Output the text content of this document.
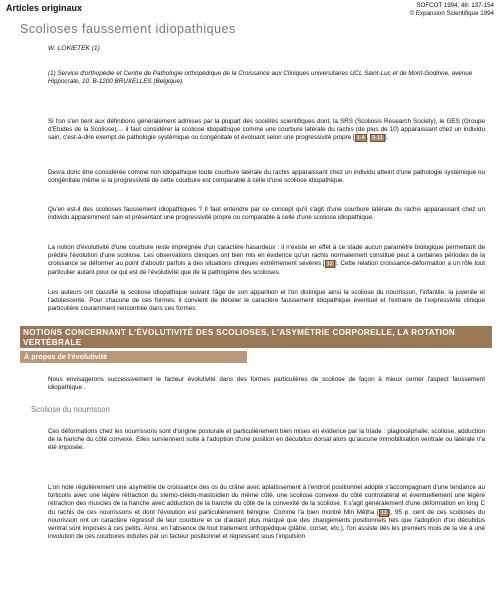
Articles originaux	SOFCOT 1994; 46: 137-154
© Expansion Scientifique 1994
Scolioses faussement idiopathiques
W. LOKIETEK (1)
(1) Service d'orthopédie et Centre de Pathologie orthopédique de la Croissance aux Cliniques universitaires UCL Saint-Luc et de Mont-Godinne, avenue Hippocrate, 10. B-1200 BRUXELLES (Belgique).
Si l'on s'en tient aux définitions généralement admises par la plupart des sociétés scientifiques dont, la SRS (Scoliosis Research Society), le GES (Groupe d'Etudes de la Scoliose),... il faut considérer la scoliose idiopathique comme une courbure latérale du rachis (de plus de 10) apparaissant chez un individu sain, c'est-à-dire exempt de pathologie systémique ou congénitale et évoluant selon une progressivité propre [ 1-4 , 5-11 ].
Devra donc être considérée comme non idiopathique toute courbure latérale du rachis apparaissant chez un individu atteint d'une pathologie systémique ou congénitale même si la progressivité de cette courbure est comparable à celle d'une scoliose idiopathique.
Qu'en est-il des scolioses faussement idiopathiques ? Il faut entendre par ce concept qu'il s'agit d'une courbure latérale du rachis apparaissant chez un individu apparemment sain et présentant une progressivité propre ou comparable à celle d'une scoliose idiopathique.
La notion d'évolutivité d'une courbure reste imprégnée d'un caractère hasardeux : il n'existe en effet à ce stade aucun paramètre biologique permettant de prédire l'évolution d'une scoliose. Les observations cliniques ont bien mis en évidence qu'un rachis normalement constitué peut à certaines périodes de la croissance se déformer au point d'aboutir parfois à des situations cliniques extrêmement sévères [ 12 ]. Cette relation croissance-déformation a un rôle tout particulier autant pour ce qui est de l'évolutivité que de la pathogénie des scolioses.
Les auteurs ont classifié la scoliose idiopathique suivant l'âge de son apparition et l'on distingue ainsi la scoliose du nourrisson, l'infantile, la juvénile et l'adolescente. Pour chacune de ces formes, il convient de déceler le caractère faussement idiopathique éventuel et l'extraire de l'expressivité clinique particulière couramment rencontrée dans ces formes.
NOTIONS CONCERNANT L'ÉVOLUTIVITÉ DES SCOLIOSES, L'ASYMÉTRIE CORPORELLE, LA ROTATION VERTÉBRALE
À propos de l'évolutivité
Nous envisagerons successivement le facteur évolutivité dans des formes particulières de scoliose de façon à mieux cerner l'aspect faussement idiopathique .
Scoliose du nourrisson
Ces déformations chez les nourrissons sont d'origine posturale et particulièrement bien mises en évidence par la triade : plagiocéphalie, scoliose, adduction de la hanche du côté convexe. Elles surviennent suite à l'adoption d'une position en décubitus dorsal alors qu'aucune immobilisation ventrale ou latérale n'a été imposée.
L'on note régulièrement une asymétrie de croissance des os du crâne avec aplatissement à l'endroit positionnel adopté s'accompagnant d'une tendance au torticolis avec une légère rétraction du sterno-cléido-mastoïdien du même côté, une scoliose convexe du côté controlatéral et éventuellement une légère rétraction des muscles de la hanche avec adduction de la hanche du côté de la convexité de la scoliose. Il s'agit généralement d'une déformation en long C du rachis de ces nourrissons et dont l'évolution est particulièrement bénigne. Comme l'a bien montré Min Mêtha [ 13 ], 95 p. cent de ces scolioses du nourrisson ont un caractère régressif de leur courbure et ce d'autant plus marqué que des changements positionnels tels que l'adoption d'un décubitus ventral sont imposés à ces petits. Ainsi, en l'absence de tout traitement orthopédique (plâtre, corset, etc.), l'on assiste dès les premiers mois de la vie à une involution de ces courbures induites par un facteur positionnel et régressant sous l'impulsion
